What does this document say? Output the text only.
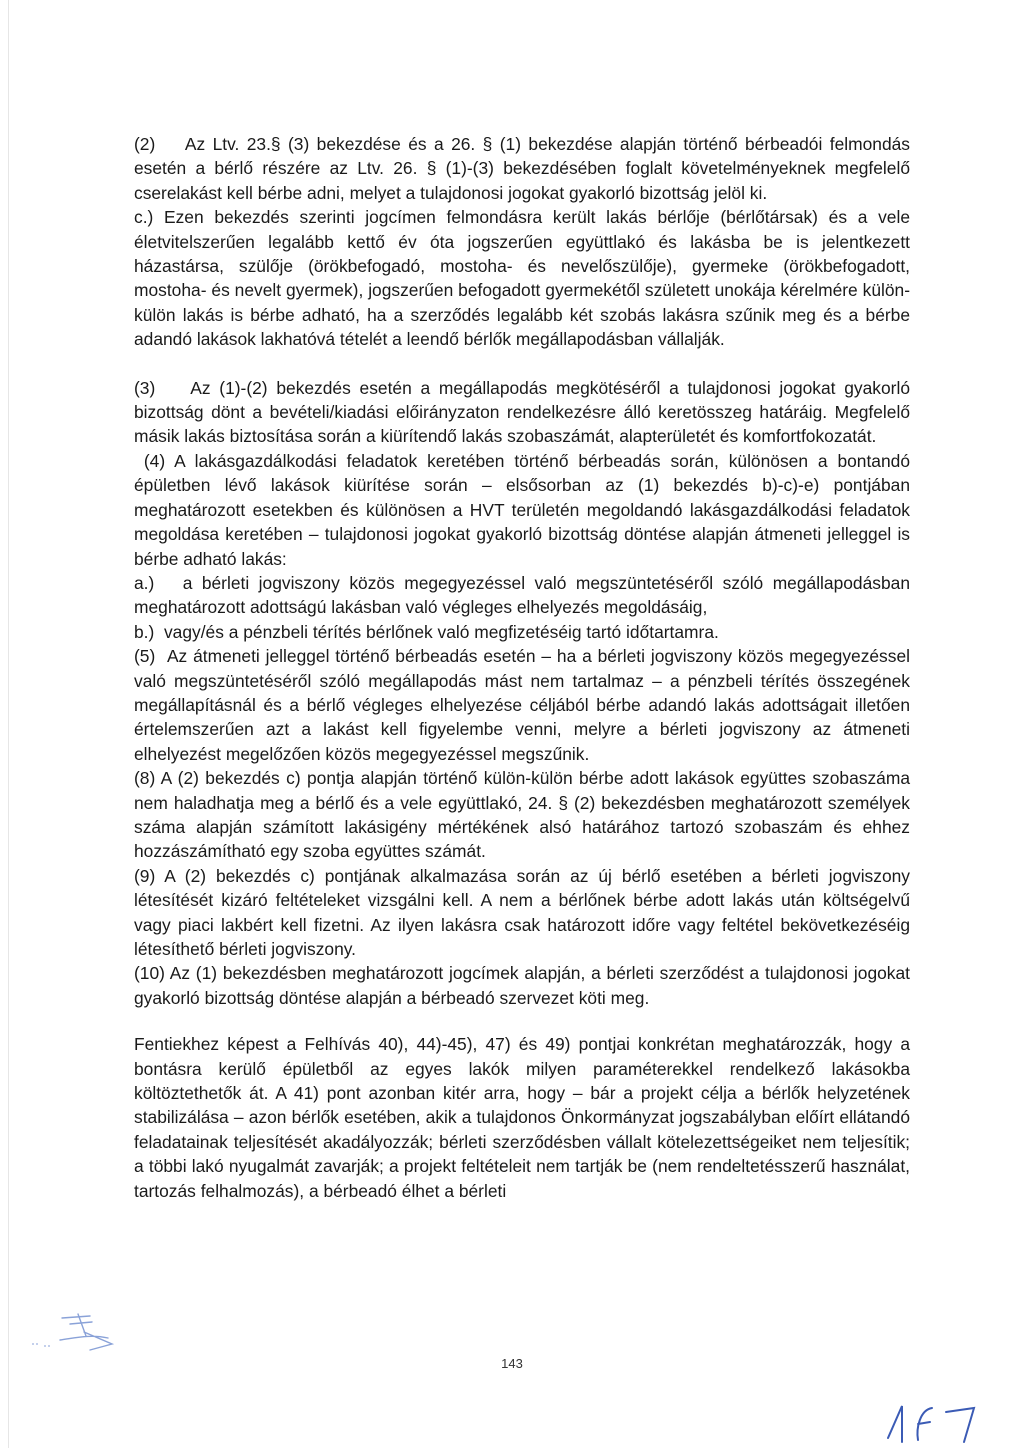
(2)    Az Ltv. 23.§ (3) bekezdése és a 26. § (1) bekezdése alapján történő bérbeadói felmondás esetén a bérlő részére az Ltv. 26. § (1)-(3) bekezdésében foglalt követelményeknek megfelelő cserelakást kell bérbe adni, melyet a tulajdonosi jogokat gyakorló bizottság jelöl ki.

c.) Ezen bekezdés szerinti jogcímen felmondásra került lakás bérlője (bérlőtársak) és a vele életvitelszerűen legalább kettő év óta jogszerűen együttlakó és lakásba be is jelentkezett házastársa, szülője (örökbefogadó, mostoha- és nevelőszülője), gyermeke (örökbefogadott, mostoha- és nevelt gyermek), jogszerűen befogadott gyermekétől született unokája kérelmére külön-külön lakás is bérbe adható, ha a szerződés legalább két szobás lakásra szűnik meg és a bérbe adandó lakások lakhatóvá tételét a leendő bérlők megállapodásban vállalják.

(3)    Az (1)-(2) bekezdés esetén a megállapodás megkötéséről a tulajdonosi jogokat gyakorló bizottság dönt a bevételi/kiadási előirányzaton rendelkezésre álló keretösszeg határáig. Megfelelő másik lakás biztosítása során a kiürítendő lakás szobaszámát, alapterületét és komfortfokozatát.

(4) A lakásgazdálkodási feladatok keretében történő bérbeadás során, különösen a bontandó épületben lévő lakások kiürítése során – elsősorban az (1) bekezdés b)-c)-e) pontjában meghatározott esetekben és különösen a HVT területén megoldandó lakásgazdálkodási feladatok megoldása keretében – tulajdonosi jogokat gyakorló bizottság döntése alapján átmeneti jelleggel is bérbe adható lakás:

a.)   a bérleti jogviszony közös megegyezéssel való megszüntetéséről szóló megállapodásban meghatározott adottságú lakásban való végleges elhelyezés megoldásáig,

b.)  vagy/és a pénzbeli térítés bérlőnek való megfizetéséig tartó időtartamra.

(5)  Az átmeneti jelleggel történő bérbeadás esetén – ha a bérleti jogviszony közös megegyezéssel való megszüntetéséről szóló megállapodás mást nem tartalmaz – a pénzbeli térítés összegének megállapításnál és a bérlő végleges elhelyezése céljából bérbe adandó lakás adottságait illetően értelemszerűen azt a lakást kell figyelembe venni, melyre a bérleti jogviszony az átmeneti elhelyezést megelőzően közös megegyezéssel megszűnik.

(8) A (2) bekezdés c) pontja alapján történő külön-külön bérbe adott lakások együttes szobaszáma nem haladhatja meg a bérlő és a vele együttlakó, 24. § (2) bekezdésben meghatározott személyek száma alapján számított lakásigény mértékének alsó határához tartozó szobaszám és ehhez hozzászámítható egy szoba együttes számát.

(9) A (2) bekezdés c) pontjának alkalmazása során az új bérlő esetében a bérleti jogviszony létesítését kizáró feltételeket vizsgálni kell. A nem a bérlőnek bérbe adott lakás után költségelvű vagy piaci lakbért kell fizetni. Az ilyen lakásra csak határozott időre vagy feltétel bekövetkezéséig létesíthető bérleti jogviszony.

(10) Az (1) bekezdésben meghatározott jogcímek alapján, a bérleti szerződést a tulajdonosi jogokat gyakorló bizottság döntése alapján a bérbeadó szervezet köti meg.

Fentiekhez képest a Felhívás 40), 44)-45), 47) és 49) pontjai konkrétan meghatározzák, hogy a bontásra kerülő épületből az egyes lakók milyen paraméterekkel rendelkező lakásokba költöztethetők át. A 41) pont azonban kitér arra, hogy – bár a projekt célja a bérlők helyzetének stabilizálása – azon bérlők esetében, akik a tulajdonos Önkormányzat jogszabályban előírt ellátandó feladatainak teljesítését akadályozzák; bérleti szerződésben vállalt kötelezettségeiket nem teljesítik; a többi lakó nyugalmát zavarják; a projekt feltételeit nem tartják be (nem rendeltetésszerű használat, tartozás felhalmozás), a bérbeadó élhet a bérleti

143
